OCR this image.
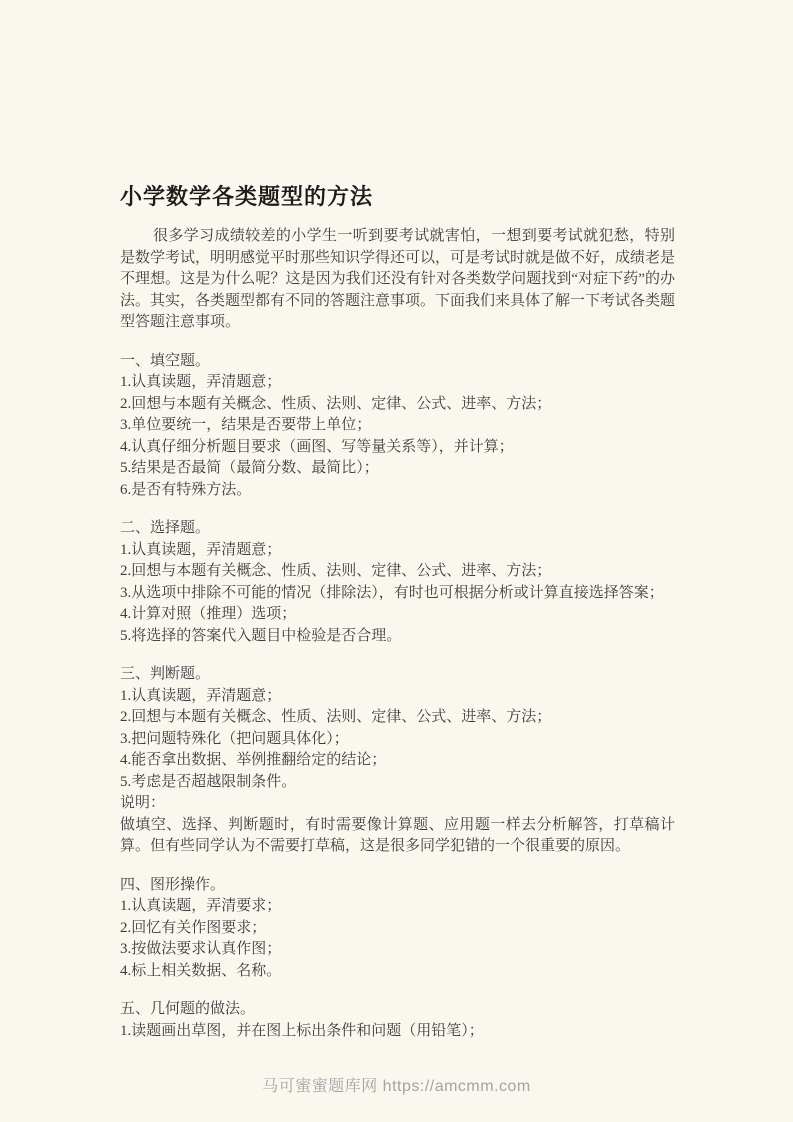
小学数学各类题型的方法

很多学习成绩较差的小学生一听到要考试就害怕，一想到要考试就犯愁，特别是数学考试，明明感觉平时那些知识学得还可以，可是考试时就是做不好，成绩老是不理想。这是为什么呢？这是因为我们还没有针对各类数学问题找到“对症下药”的办法。其实，各类题型都有不同的答题注意事项。下面我们来具体了解一下考试各类题型答题注意事项。

一、填空题。
1.认真读题，弄清题意；
2.回想与本题有关概念、性质、法则、定律、公式、进率、方法；
3.单位要统一，结果是否要带上单位；
4.认真仔细分析题目要求（画图、写等量关系等），并计算；
5.结果是否最简（最简分数、最简比）；
6.是否有特殊方法。
二、选择题。
1.认真读题，弄清题意；
2.回想与本题有关概念、性质、法则、定律、公式、进率、方法；
3.从选项中排除不可能的情况（排除法），有时也可根据分析或计算直接选择答案；
4.计算对照（推理）选项；
5.将选择的答案代入题目中检验是否合理。
三、判断题。
1.认真读题，弄清题意；
2.回想与本题有关概念、性质、法则、定律、公式、进率、方法；
3.把问题特殊化（把问题具体化）；
4.能否拿出数据、举例推翻给定的结论；
5.考虑是否超越限制条件。
说明：
做填空、选择、判断题时，有时需要像计算题、应用题一样去分析解答，打草稿计算。但有些同学认为不需要打草稿，这是很多同学犯错的一个很重要的原因。
四、图形操作。
1.认真读题，弄清要求；
2.回忆有关作图要求；
3.按做法要求认真作图；
4.标上相关数据、名称。
五、几何题的做法。
1.读题画出草图，并在图上标出条件和问题（用铅笔）；
马可蜜蜜题库网 https://amcmm.com
